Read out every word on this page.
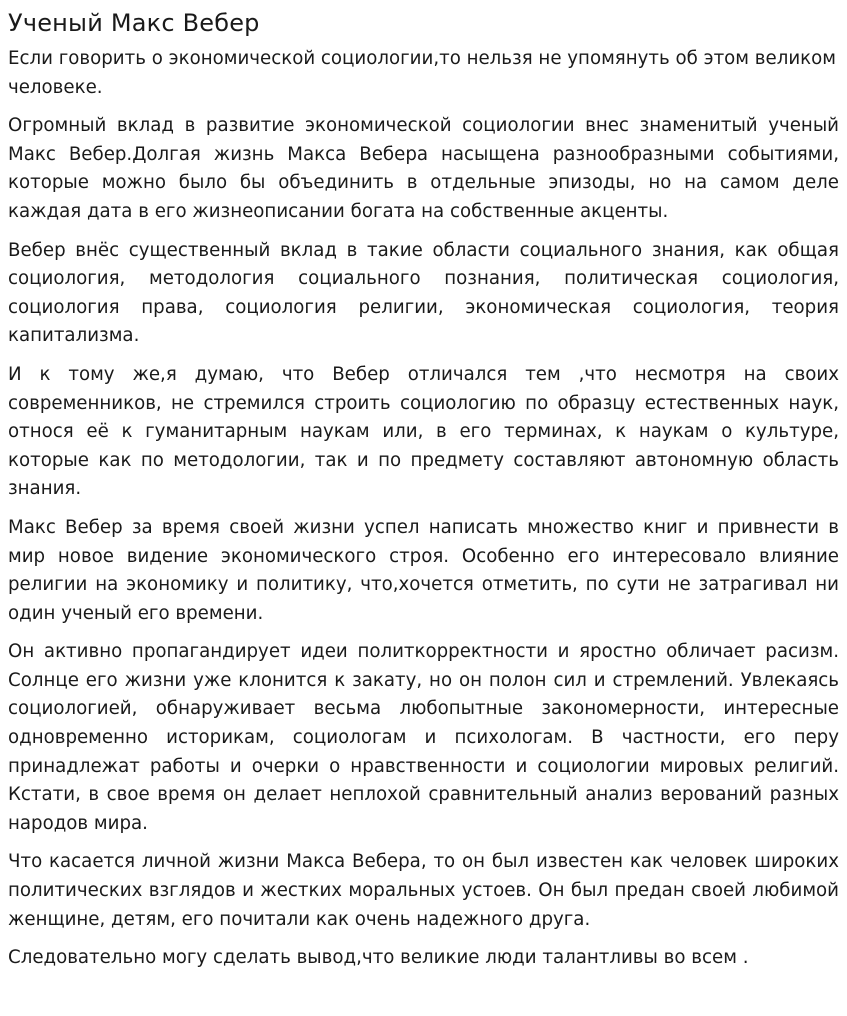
Ученый Макс Вебер

Если говорить о экономической социологии,то нельзя не упомянуть об этом великом человеке.

Огромный вклад в развитие экономической социологии внес знаменитый ученый Макс Вебер.Долгая жизнь Макса Вебера насыщена разнообразными событиями, которые можно было бы объединить в отдельные эпизоды, но на самом деле каждая дата в его жизнеописании богата на собственные акценты.

Вебер внёс существенный вклад в такие области социального знания, как общая социология, методология социального познания, политическая социология, социология права, социология религии, экономическая социология, теория капитализма.

И к тому же,я думаю, что Вебер отличался тем ,что несмотря на своих современников, не стремился строить социологию по образцу естественных наук, относя её к гуманитарным наукам или, в его терминах, к наукам о культуре, которые как по методологии, так и по предмету составляют автономную область знания.

Макс Вебер за время своей жизни успел написать множество книг и привнести в мир новое видение экономического строя. Особенно его интересовало влияние религии на экономику и политику, что,хочется отметить, по сути не затрагивал ни один ученый его времени.

Он активно пропагандирует идеи политкорректности и яростно обличает расизм. Солнце его жизни уже клонится к закату, но он полон сил и стремлений. Увлекаясь социологией, обнаруживает весьма любопытные закономерности, интересные одновременно историкам, социологам и психологам. В частности, его перу принадлежат работы и очерки о нравственности и социологии мировых религий. Кстати, в свое время он делает неплохой сравнительный анализ верований разных народов мира.

Что касается личной жизни Макса Вебера, то он был известен как человек широких политических взглядов и жестких моральных устоев. Он был предан своей любимой женщине, детям, его почитали как очень надежного друга.

Следовательно могу сделать вывод,что великие люди талантливы во всем .
